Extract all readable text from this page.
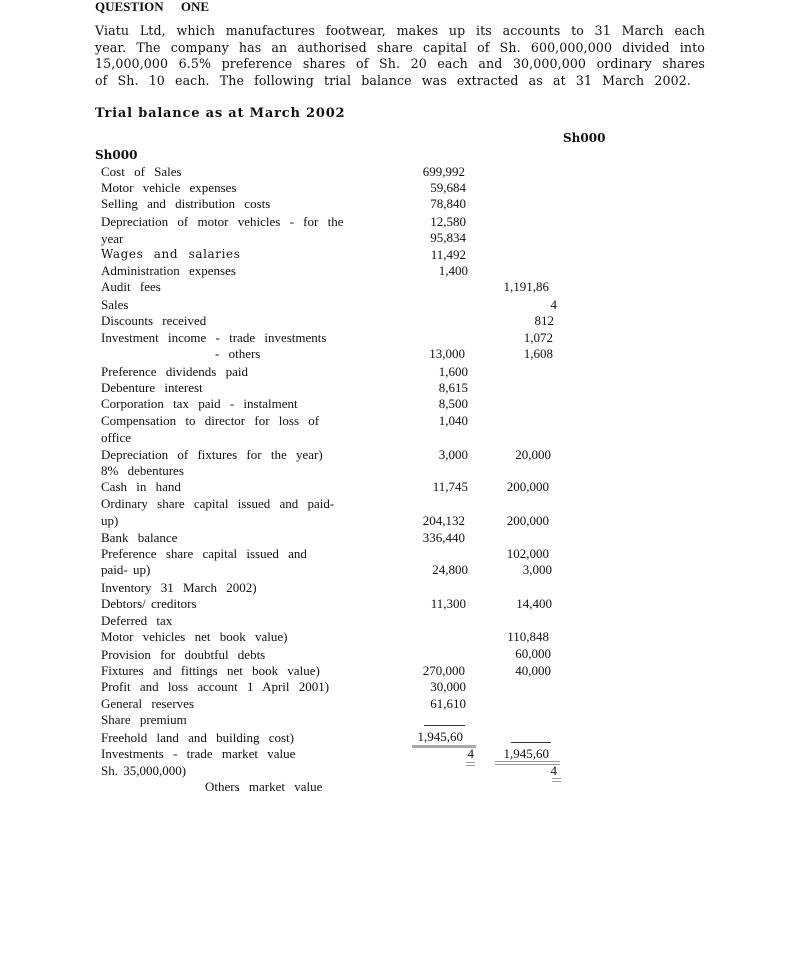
QUESTION ONE
Viatu Ltd, which manufactures footwear, makes up its accounts to 31 March each
year. The company has an authorised share capital of Sh. 600,000,000 divided into
15,000,000 6.5% preference shares of Sh. 20 each and 30,000,000 ordinary shares
of Sh. 10 each. The following trial balance was extracted as at 31 March 2002.
Trial balance as at March 2002
Sh000
Sh000
Cost of Sales
Motor vehicle expenses
Selling and distribution costs
Depreciation of motor vehicles - for the
year
Wages and salaries
Administration expenses
Audit fees
Sales
Discounts received
Investment income - trade investments
- others
Preference dividends paid
Debenture interest
Corporation tax paid - instalment
Compensation to director for loss of
office
Depreciation of fixtures for the year)
8% debentures
Cash in hand
Ordinary share capital issued and paid-
up)
Bank balance
Preference share capital issued and
paid- up)
Inventory 31 March 2002)
Debtors/ creditors
Deferred tax
Motor vehicles net book value)
Provision for doubtful debts
Fixtures and fittings net book value)
Profit and loss account 1 April 2001)
General reserves
Share premium
Freehold land and building cost)
Investments - trade market value
Sh. 35,000,000)
Others market value
699,992
59,684
78,840
12,580
95,834
11,492
1,400
13,000
1,600
8,615
8,500
1,040
3,000
11,745
204,132
336,440
24,800
11,300
270,000
30,000
61,610
1,945,60
4
1,191,86
4
812
1,072
1,608
20,000
200,000
200,000
102,000
3,000
14,400
110,848
60,000
40,000
1,945,60
4
